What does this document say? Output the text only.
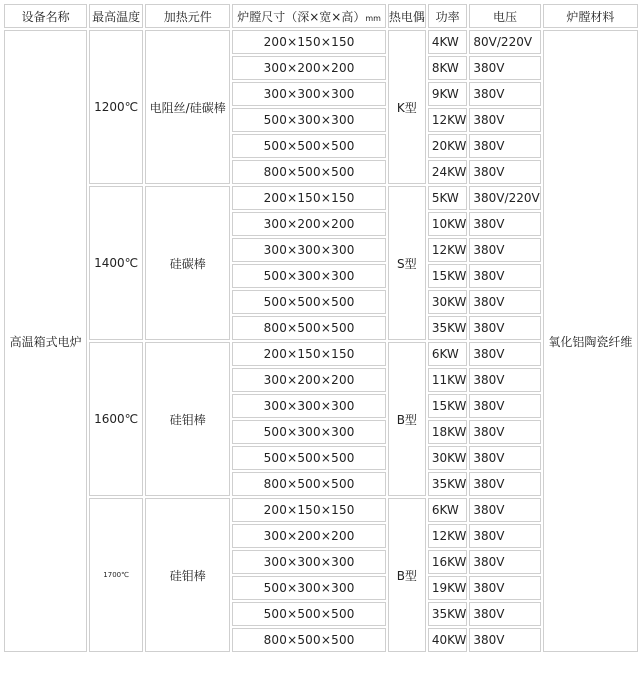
设备名称	最高温度	加热元件	炉膛尺寸（深×宽×高）mm	热电偶	功率	电压	炉膛材料
高温箱式电炉	1200℃	电阻丝/硅碳棒	200×150×150	K型	4KW	80V/220V	氧化铝陶瓷纤维
			300×200×200		8KW	380V	
			300×300×300		9KW	380V	
			500×300×300		12KW	380V	
			500×500×500		20KW	380V	
			800×500×500		24KW	380V	
	1400℃	硅碳棒	200×150×150	S型	5KW	380V/220V	
			300×200×200		10KW	380V	
			300×300×300		12KW	380V	
			500×300×300		15KW	380V	
			500×500×500		30KW	380V	
			800×500×500		35KW	380V	
	1600℃	硅钼棒	200×150×150	B型	6KW	380V	
			300×200×200		11KW	380V	
			300×300×300		15KW	380V	
			500×300×300		18KW	380V	
			500×500×500		30KW	380V	
			800×500×500		35KW	380V	
	1700℃	硅钼棒	200×150×150	B型	6KW	380V	
			300×200×200		12KW	380V	
			300×300×300		16KW	380V	
			500×300×300		19KW	380V	
			500×500×500		35KW	380V	
			800×500×500		40KW	380V	
